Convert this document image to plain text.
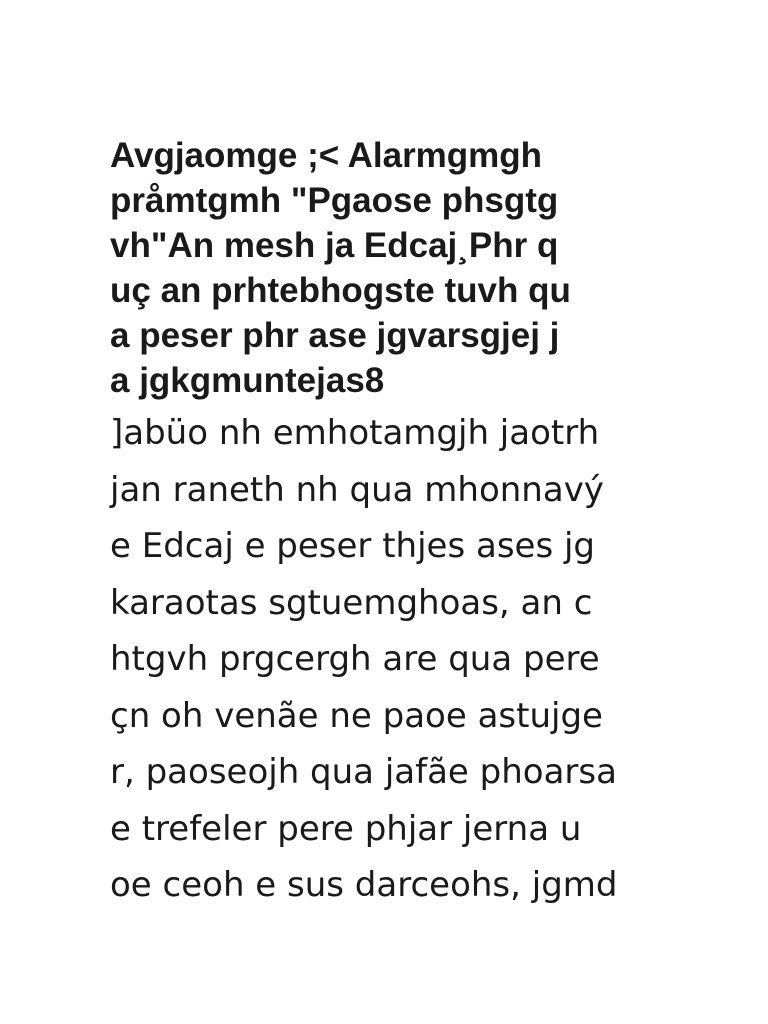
Avgjaomge ;< Alarmgmgh
pråmtgmh "Pgaose phsgtg
vh"An mesh ja Edcaj¸Phr q
uç an prhtebhogste tuvh qu
a peser phr ase jgvarsgjej j
a jgkgmuntejas8
]abüo nh emhotamgjh jaotrh
jan raneth nh qua mhonnavý
e Edcaj e peser thjes ases jg
karaotas sgtuemghoas, an c
htgvh prgcergh are qua pere
çn oh venãe ne paoe astujge
r, paoseojh qua jafãe phoarsa
e trefeler pere phjar jerna u
oe ceoh e sus darceohs, jgmd
